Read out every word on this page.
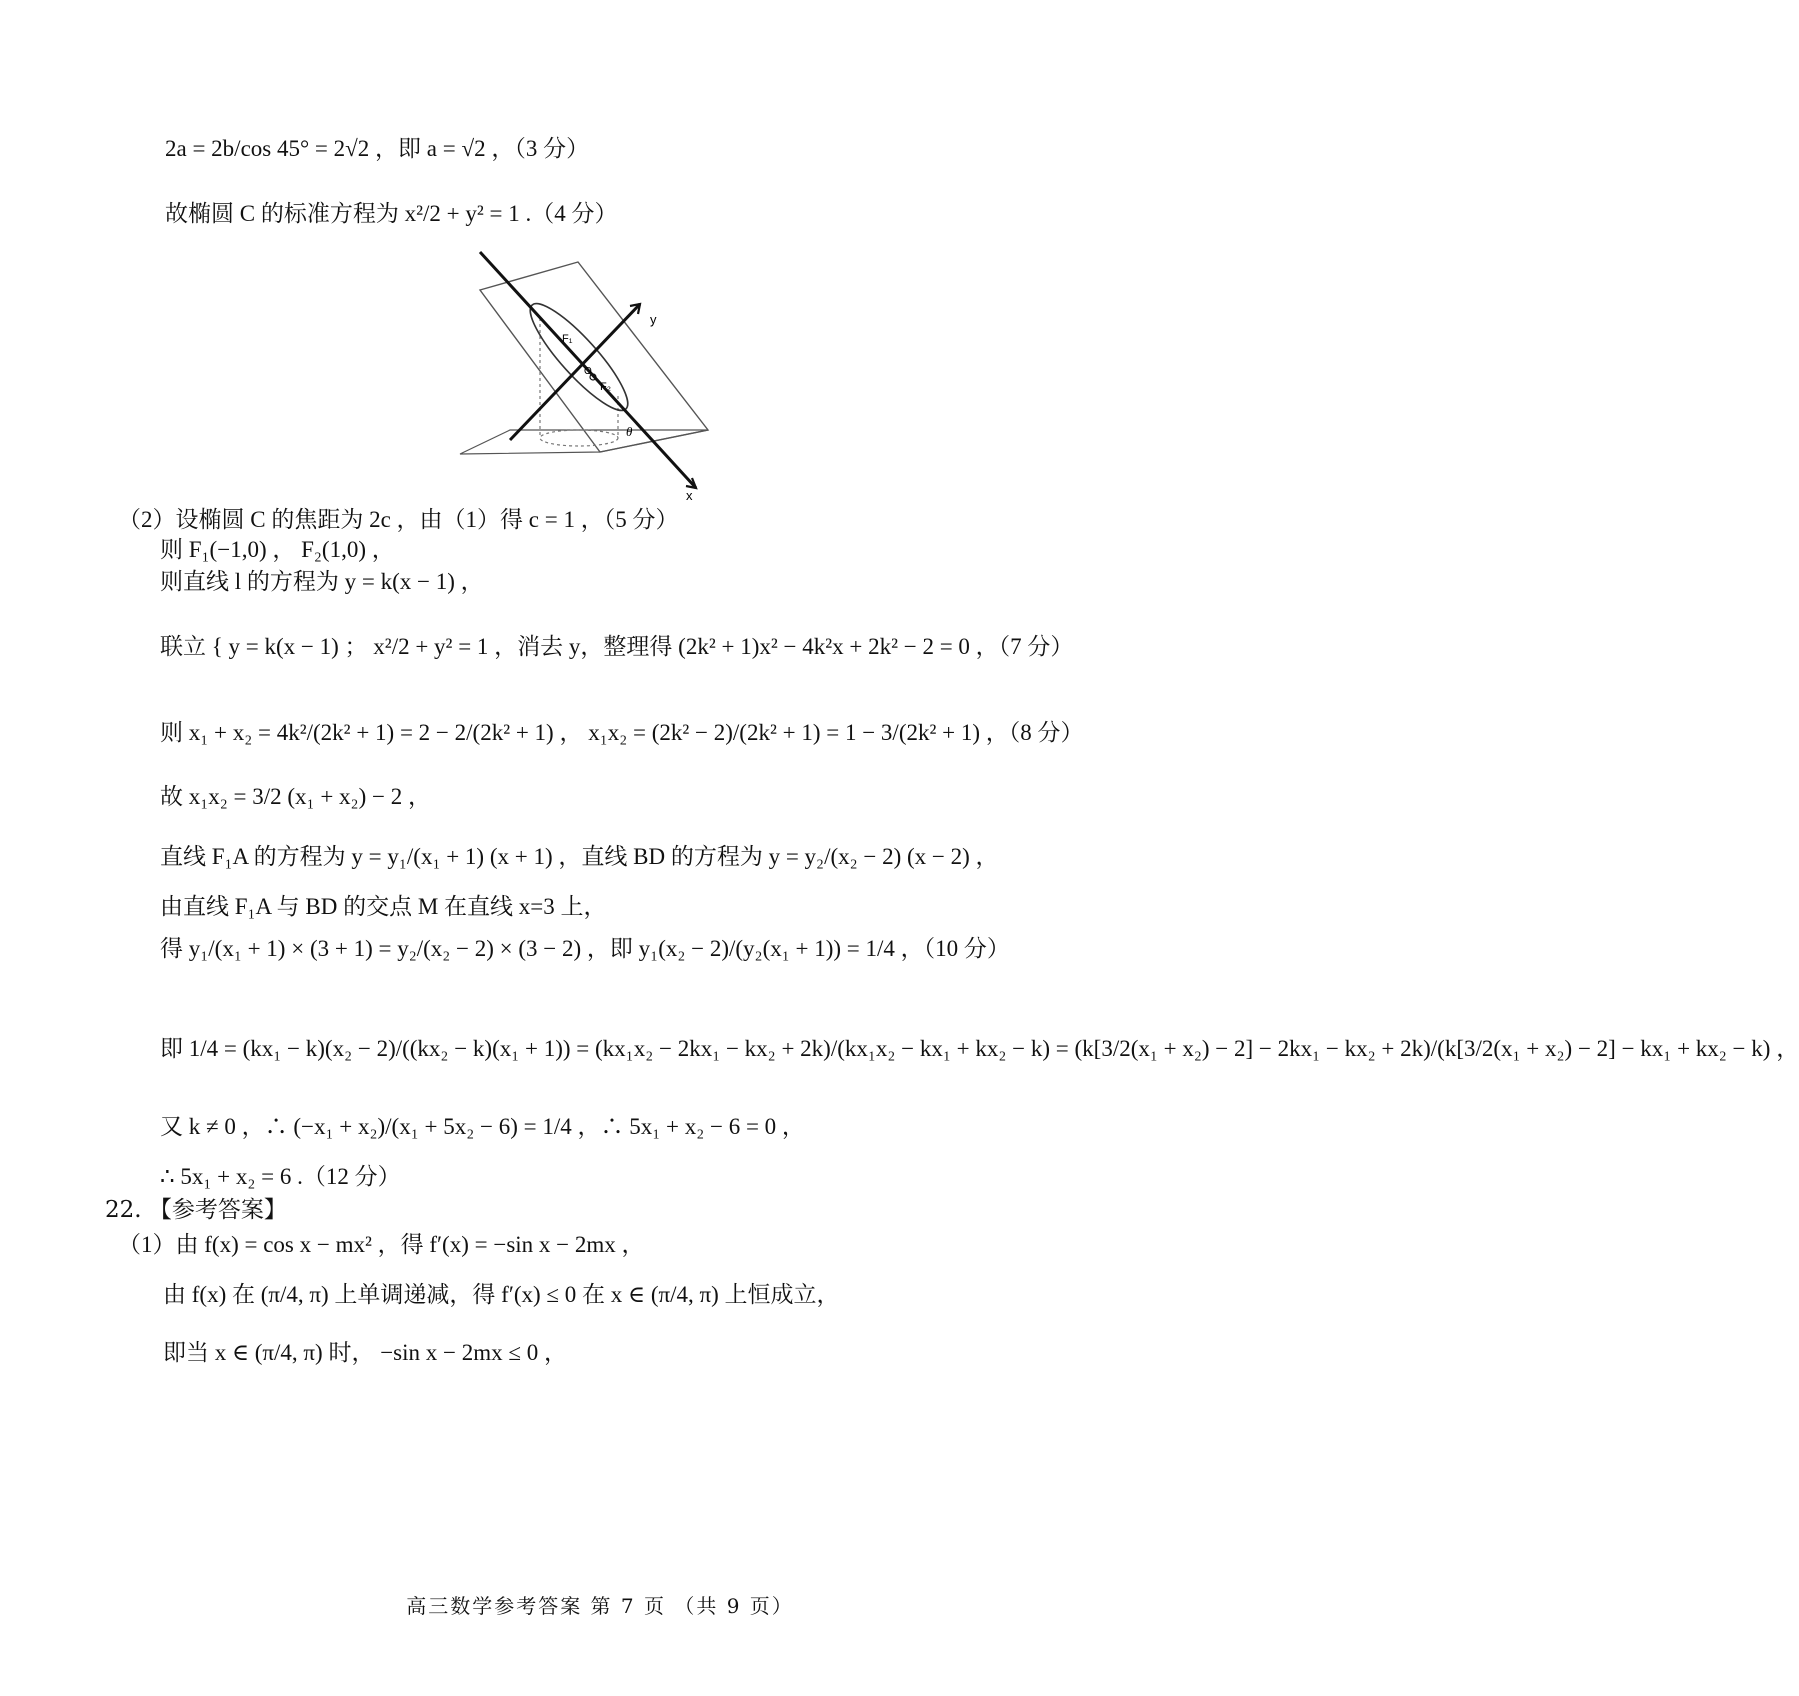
2a = 2b/cos 45° = 2√2 ，即 a = √2 ，（3 分）
故椭圆 C 的标准方程为 x²/2 + y² = 1 .（4 分）
y
x
F₁
F₂
O
θ
（2）设椭圆 C 的焦距为 2c ，由（1）得 c = 1 ，（5 分）
则 F₁(−1,0) ， F₂(1,0) ，
则直线 l 的方程为 y = k(x − 1) ，
联立 { y = k(x − 1) ； x²/2 + y² = 1 ，消去 y，整理得 (2k² + 1)x² − 4k²x + 2k² − 2 = 0 ，（7 分）
则 x₁ + x₂ = 4k²/(2k² + 1) = 2 − 2/(2k² + 1) ， x₁x₂ = (2k² − 2)/(2k² + 1) = 1 − 3/(2k² + 1) ，（8 分）
故 x₁x₂ = 3/2 (x₁ + x₂) − 2 ，
直线 F₁A 的方程为 y = y₁/(x₁ + 1) (x + 1) ，直线 BD 的方程为 y = y₂/(x₂ − 2) (x − 2) ，
由直线 F₁A 与 BD 的交点 M 在直线 x=3 上，
得 y₁/(x₁ + 1) × (3 + 1) = y₂/(x₂ − 2) × (3 − 2) ，即 y₁(x₂ − 2)/(y₂(x₁ + 1)) = 1/4 ，（10 分）
即 1/4 = (kx₁ − k)(x₂ − 2)/((kx₂ − k)(x₁ + 1)) = (kx₁x₂ − 2kx₁ − kx₂ + 2k)/(kx₁x₂ − kx₁ + kx₂ − k) = (k[3/2(x₁ + x₂) − 2] − 2kx₁ − kx₂ + 2k)/(k[3/2(x₁ + x₂) − 2] − kx₁ + kx₂ − k) ，
又 k ≠ 0 ，∴ (−x₁ + x₂)/(x₁ + 5x₂ − 6) = 1/4 ，∴ 5x₁ + x₂ − 6 = 0 ，
∴ 5x₁ + x₂ = 6 .（12 分）
22. 【参考答案】
（1）由 f(x) = cos x − mx² ，得 f′(x) = −sin x − 2mx ，
由 f(x) 在 (π/4, π) 上单调递减，得 f′(x) ≤ 0 在 x ∈ (π/4, π) 上恒成立，
即当 x ∈ (π/4, π) 时， −sin x − 2mx ≤ 0 ，
高三数学参考答案 第 7 页 （共 9 页）
